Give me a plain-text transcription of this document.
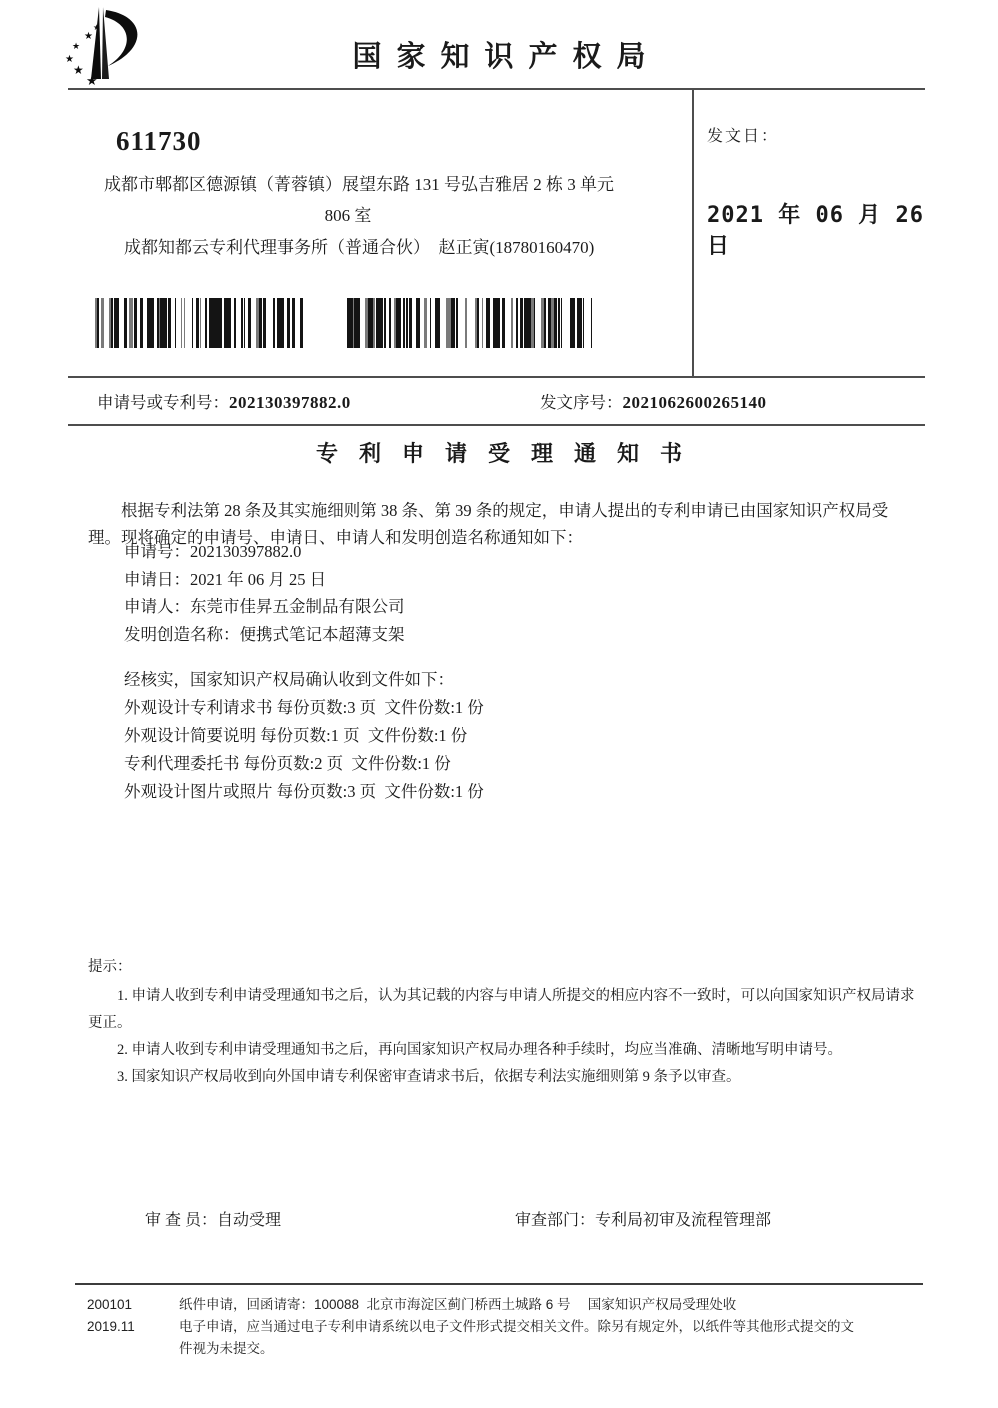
★
★
★
★
★
★
国家知识产权局
611730
成都市郫都区德源镇（菁蓉镇）展望东路 131 号弘吉雅居 2 栋 3 单元
806 室
成都知都云专利代理事务所（普通合伙）  赵正寅(18780160470)
发文日：
2021 年 06 月 26 日
申请号或专利号：202130397882.0	发文序号：2021062600265140
专利申请受理通知书

根据专利法第 28 条及其实施细则第 38 条、第 39 条的规定，申请人提出的专利申请已由国家知识产权局受理。现将确定的申请号、申请日、申请人和发明创造名称通知如下：

申请号：202130397882.0
申请日：2021 年 06 月 25 日
申请人：东莞市佳昇五金制品有限公司
发明创造名称：便携式笔记本超薄支架
经核实，国家知识产权局确认收到文件如下：
外观设计专利请求书 每份页数:3 页  文件份数:1 份
外观设计简要说明 每份页数:1 页  文件份数:1 份
专利代理委托书 每份页数:2 页  文件份数:1 份
外观设计图片或照片 每份页数:3 页  文件份数:1 份

提示：

1. 申请人收到专利申请受理通知书之后，认为其记载的内容与申请人所提交的相应内容不一致时，可以向国家知识产权局请求更正。

2. 申请人收到专利申请受理通知书之后，再向国家知识产权局办理各种手续时，均应当准确、清晰地写明申请号。

3. 国家知识产权局收到向外国申请专利保密审查请求书后，依据专利法实施细则第 9 条予以审查。

审 查 员：自动受理	审查部门：专利局初审及流程管理部
200101
2019.11
纸件申请，回函请寄：100088  北京市海淀区蓟门桥西土城路 6 号　 国家知识产权局受理处收
电子申请，应当通过电子专利申请系统以电子文件形式提交相关文件。除另有规定外，以纸件等其他形式提交的文件视为未提交。
